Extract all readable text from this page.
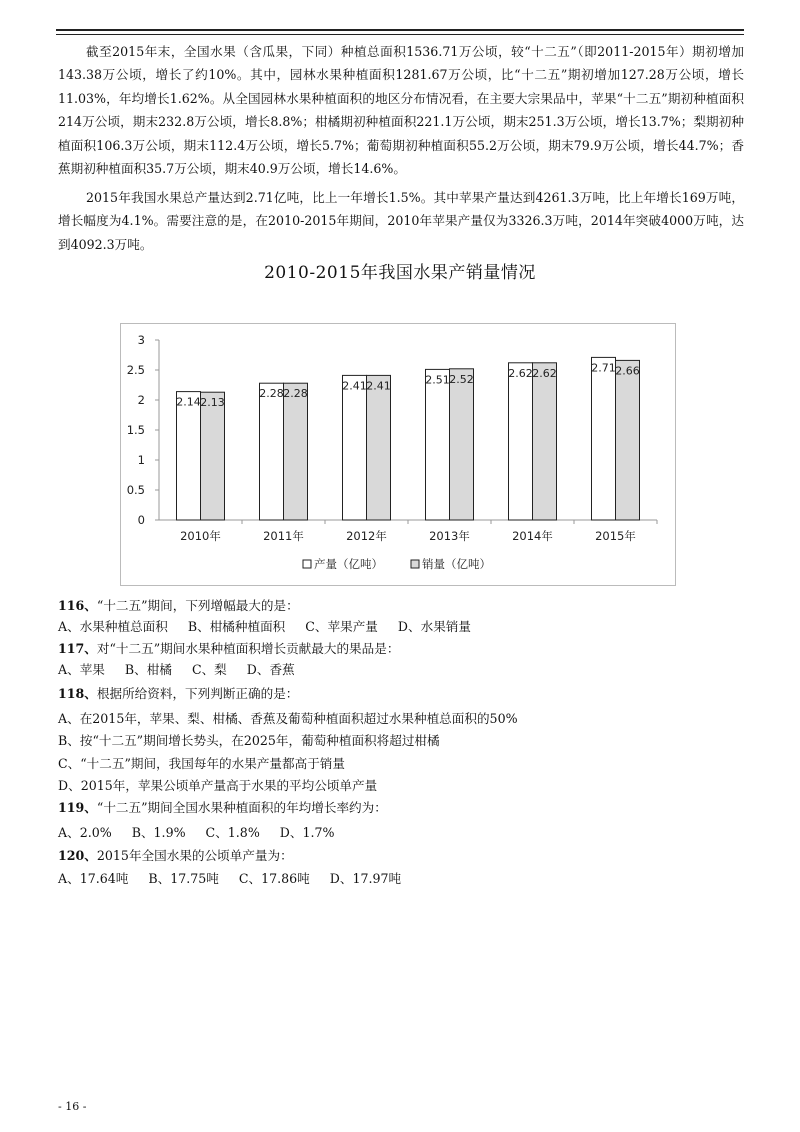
截至2015年末，全国水果（含瓜果，下同）种植总面积1536.71万公顷，较“十二五”（即2011-2015年）期初增加143.38万公顷，增长了约10%。其中，园林水果种植面积1281.67万公顷，比“十二五”期初增加127.28万公顷，增长11.03%，年均增长1.62%。从全国园林水果种植面积的地区分布情况看，在主要大宗果品中，苹果“十二五”期初种植面积214万公顷，期末232.8万公顷，增长8.8%；柑橘期初种植面积221.1万公顷，期末251.3万公顷，增长13.7%；梨期初种植面积106.3万公顷，期末112.4万公顷，增长5.7%；葡萄期初种植面积55.2万公顷，期末79.9万公顷，增长44.7%；香蕉期初种植面积35.7万公顷，期末40.9万公顷，增长14.6%。

2015年我国水果总产量达到2.71亿吨，比上一年增长1.5%。其中苹果产量达到4261.3万吨，比上年增长169万吨，增长幅度为4.1%。需要注意的是，在2010-2015年期间，2010年苹果产量仅为3326.3万吨，2014年突破4000万吨，达到4092.3万吨。

2010-2015年我国水果产销量情况
0
0.5
1
1.5
2
2.5
3
2.14 2.13
2010年
2.28 2.28
2011年
2.41 2.41
2012年
2.51 2.52
2013年
2.62 2.62
2014年
2.71 2.66
2015年
产量（亿吨）	销量（亿吨）

116、“十二五”期间，下列增幅最大的是：

A、水果种植总面积     B、柑橘种植面积     C、苹果产量     D、水果销量

117、对“十二五”期间水果种植面积增长贡献最大的果品是：

A、苹果     B、柑橘     C、梨     D、香蕉

118、根据所给资料，下列判断正确的是：

A、在2015年，苹果、梨、柑橘、香蕉及葡萄种植面积超过水果种植总面积的50%

B、按“十二五”期间增长势头，在2025年，葡萄种植面积将超过柑橘

C、“十二五”期间，我国每年的水果产量都高于销量

D、2015年，苹果公顷单产量高于水果的平均公顷单产量

119、“十二五”期间全国水果种植面积的年均增长率约为：

A、2.0%     B、1.9%     C、1.8%     D、1.7%

120、2015年全国水果的公顷单产量为：

A、17.64吨     B、17.75吨     C、17.86吨     D、17.97吨

- 16 -
